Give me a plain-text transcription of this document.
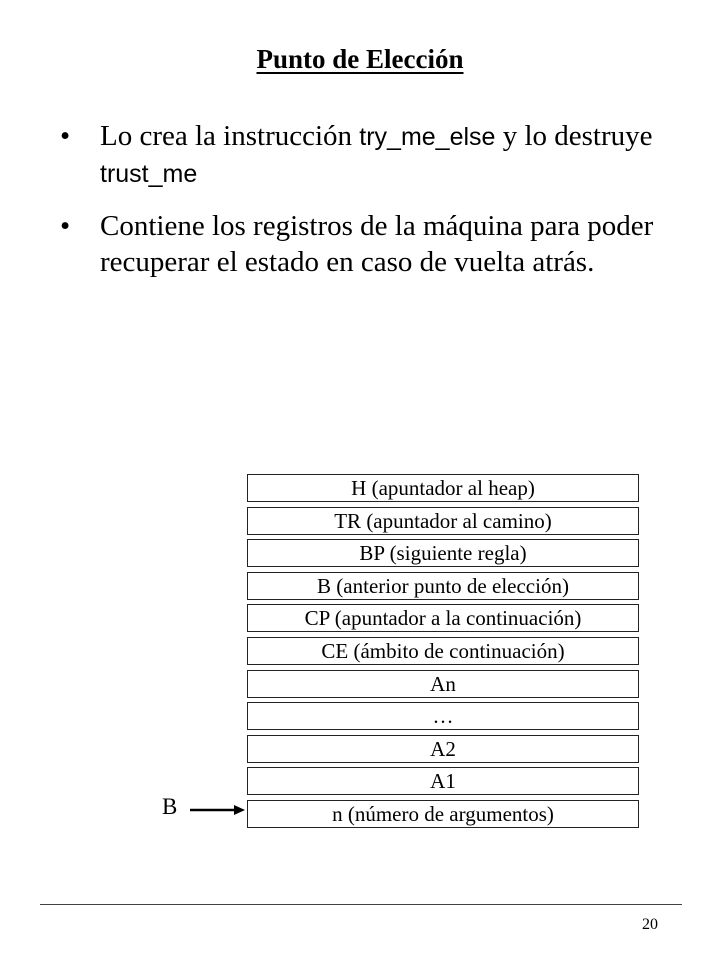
Punto de Elección
• Lo crea la instrucción try_me_else y lo destruye trust_me
• Contiene los registros de la máquina para poder recuperar el estado en caso de vuelta atrás.
H (apuntador al heap)
TR (apuntador al camino)
BP (siguiente regla)
B (anterior punto de elección)
CP (apuntador a la continuación)
CE (ámbito de continuación)
An
…
A2
A1
n (número de argumentos)
B
20
